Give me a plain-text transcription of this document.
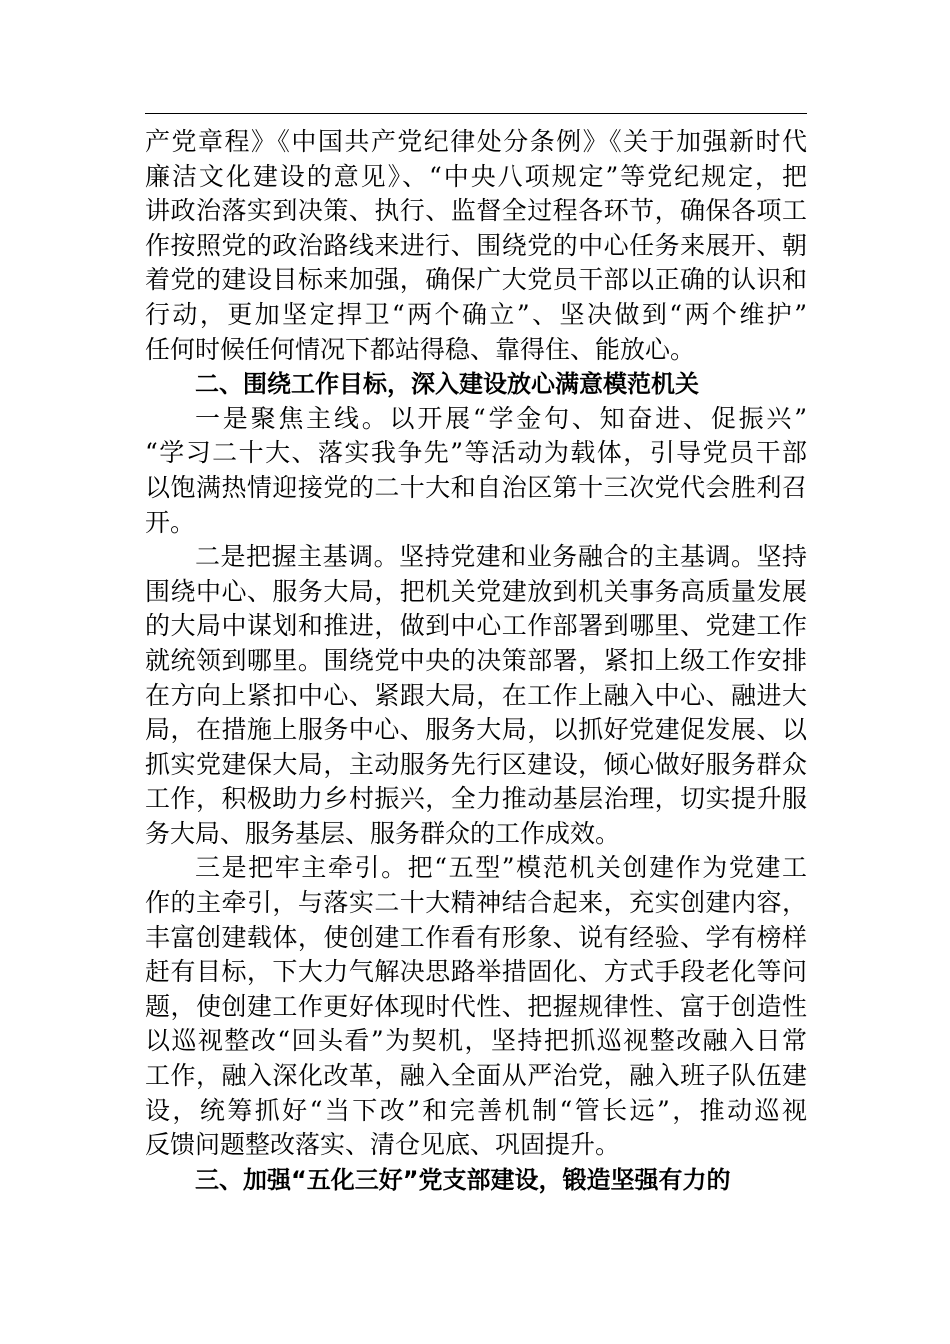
产党章程》《中国共产党纪律处分条例》《关于加强新时代
廉洁文化建设的意见》、“中央八项规定”等党纪规定，把
讲政治落实到决策、执行、监督全过程各环节，确保各项工
作按照党的政治路线来进行、围绕党的中心任务来展开、朝
着党的建设目标来加强，确保广大党员干部以正确的认识和
行动，更加坚定捍卫“两个确立”、坚决做到“两个维护”
任何时候任何情况下都站得稳、靠得住、能放心。
二、围绕工作目标，深入建设放心满意模范机关
一是聚焦主线。以开展“学金句、知奋进、促振兴”
“学习二十大、落实我争先”等活动为载体，引导党员干部
以饱满热情迎接党的二十大和自治区第十三次党代会胜利召
开。
二是把握主基调。坚持党建和业务融合的主基调。坚持
围绕中心、服务大局，把机关党建放到机关事务高质量发展
的大局中谋划和推进，做到中心工作部署到哪里、党建工作
就统领到哪里。围绕党中央的决策部署，紧扣上级工作安排
在方向上紧扣中心、紧跟大局，在工作上融入中心、融进大
局，在措施上服务中心、服务大局，以抓好党建促发展、以
抓实党建保大局，主动服务先行区建设，倾心做好服务群众
工作，积极助力乡村振兴，全力推动基层治理，切实提升服
务大局、服务基层、服务群众的工作成效。
三是把牢主牵引。把“五型”模范机关创建作为党建工
作的主牵引，与落实二十大精神结合起来，充实创建内容，
丰富创建载体，使创建工作看有形象、说有经验、学有榜样
赶有目标，下大力气解决思路举措固化、方式手段老化等问
题，使创建工作更好体现时代性、把握规律性、富于创造性
以巡视整改“回头看”为契机，坚持把抓巡视整改融入日常
工作，融入深化改革，融入全面从严治党，融入班子队伍建
设，统筹抓好“当下改”和完善机制“管长远”，推动巡视
反馈问题整改落实、清仓见底、巩固提升。
三、加强“五化三好”党支部建设，锻造坚强有力的
